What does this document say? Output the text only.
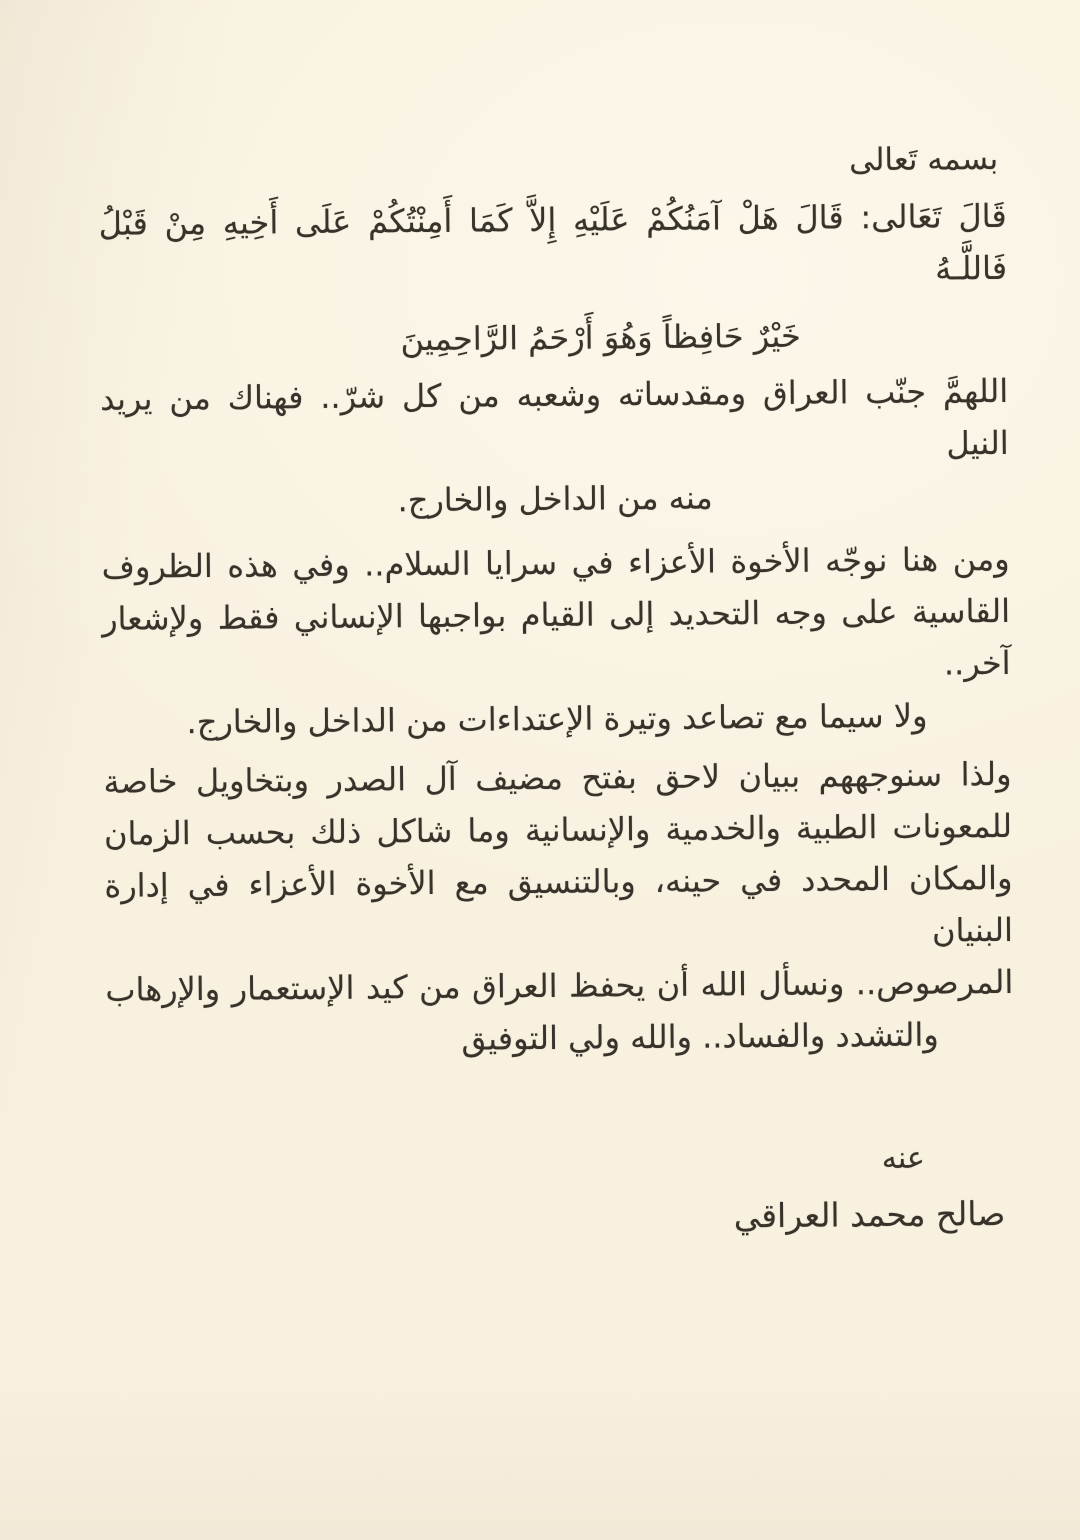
بسمه تَعالى
قَالَ تَعَالى: قَالَ هَلْ آمَنُكُمْ عَلَيْهِ إِلاَّ كَمَا أَمِنْتُكُمْ عَلَى أَخِيهِ مِنْ قَبْلُ فَاللَّـهُ
خَيْرٌ حَافِظاً وَهُوَ أَرْحَمُ الرَّاحِمِينَ
اللهمَّ جنّب العراق ومقدساته وشعبه من كل شرّ.. فهناك من يريد النيل
منه من الداخل والخارج.
ومن هنا نوجّه الأخوة الأعزاء في سرايا السلام.. وفي هذه الظروف
القاسية على وجه التحديد إلى القيام بواجبها الإنساني فقط ولإشعار آخر..
ولا سيما مع تصاعد وتيرة الإعتداءات من الداخل والخارج.
ولذا سنوجههم ببيان لاحق بفتح مضيف آل الصدر وبتخاويل خاصة
للمعونات الطبية والخدمية والإنسانية وما شاكل ذلك بحسب الزمان
والمكان المحدد في حينه، وبالتنسيق مع الأخوة الأعزاء في إدارة البنيان
المرصوص.. ونسأل الله أن يحفظ العراق من كيد الإستعمار والإرهاب
والتشدد والفساد.. والله ولي التوفيق
عنه
صالح محمد العراقي
